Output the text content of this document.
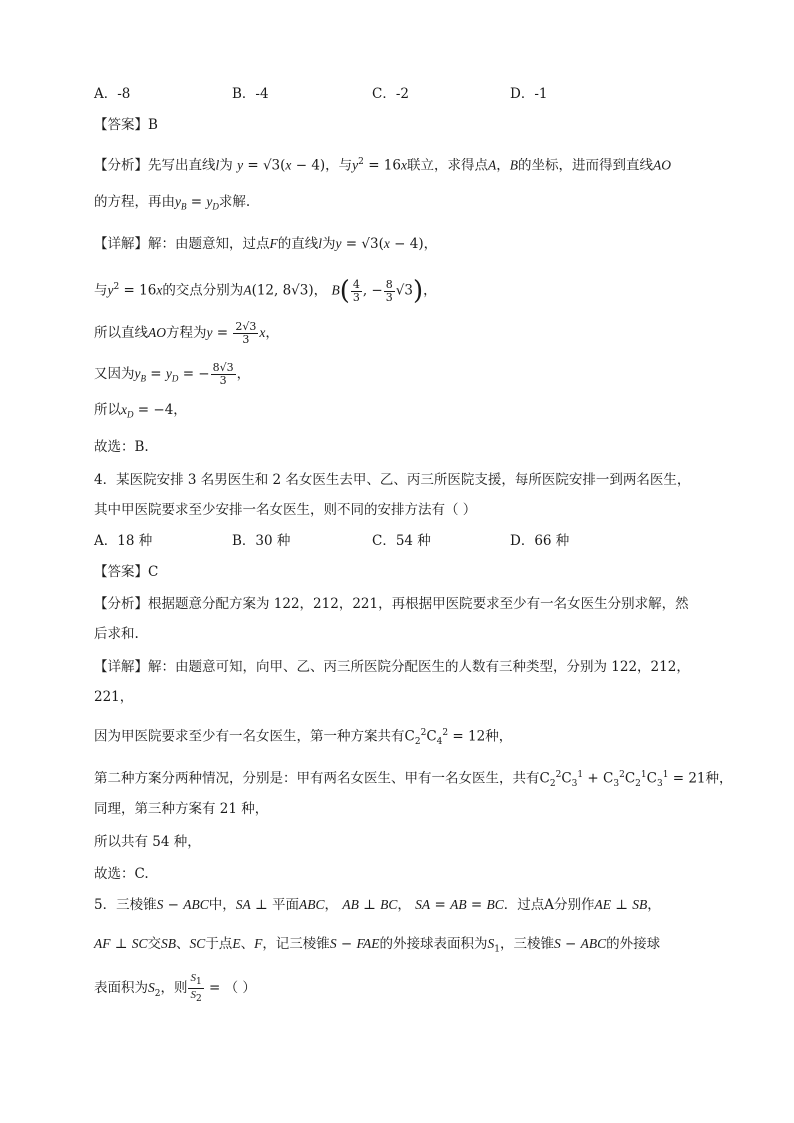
A．-8	B．-4	C．-2	D．-1
【答案】B
【分析】先写出直线l为 y = √3(x − 4)，与$y^2 = 16x$联立，求得点A，B的坐标，进而得到直线AO
的方程，再由$y_B = y_D$求解.
【详解】解：由题意知，过点F的直线l为y = √3(x − 4)，
与$y^2 = 16x$的交点分别为A(12, 8√3)， $B( \frac{4}{3}$ , − $\frac{8}{3} √3$)，
所以直线AO方程为$y = \frac{2√3}{3}$ x，
又因为$y_B = y_D$ = − $\frac{8√3}{3}$ ，
所以$x_D = -4$，
故选：B.
4．某医院安排 3 名男医生和 2 名女医生去甲、乙、丙三所医院支援，每所医院安排一到两名医生，
其中甲医院要求至少安排一名女医生，则不同的安排方法有（ ）
A．18 种	B．30 种	C．54 种	D．66 种
【答案】C
【分析】根据题意分配方案为 122，212，221，再根据甲医院要求至少有一名女医生分别求解，然
后求和.
【详解】解：由题意可知，向甲、乙、丙三所医院分配医生的人数有三种类型，分别为 122，212，
221，
因为甲医院要求至少有一名女医生，第一种方案共有$C_2^2C_4^2 = 12$种，
第二种方案分两种情况，分别是：甲有两名女医生、甲有一名女医生，共有$C_2^2C_3^1 + C_3^2C_2^1C_3^1 = 21$种，
同理，第三种方案有 21 种，
所以共有 54 种，
故选：C.
5．三棱锥S − ABC中，SA ⊥ 平面ABC， AB ⊥ BC， SA = AB = BC．过点A分别作AE ⊥ SB，
AF ⊥ SC交SB、SC于点E、F，记三棱锥S − FAE的外接球表面积为$S_1$，三棱锥S − ABC的外接球
表面积为$S_2$，则 $\frac{S_1}{S_2}$ = （ ）
